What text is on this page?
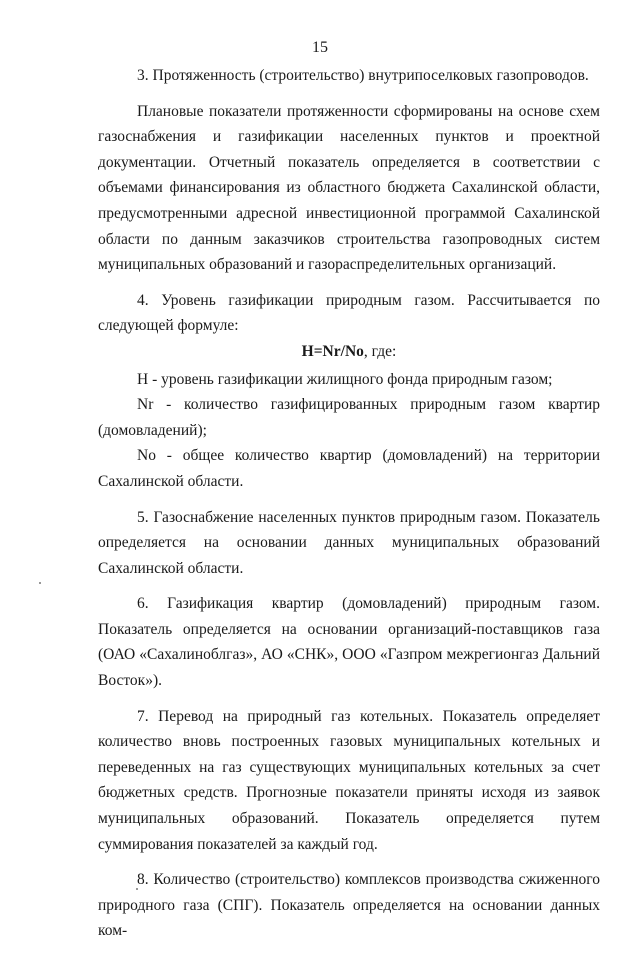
15

3. Протяженность (строительство) внутрипоселковых газопроводов.

Плановые показатели протяженности сформированы на основе схем газоснабжения и газификации населенных пунктов и проектной документации. Отчетный показатель определяется в соответствии с объемами финансирования из областного бюджета Сахалинской области, предусмотренными адресной инвестиционной программой Сахалинской области по данным заказчиков строительства газопроводных систем муниципальных образований и газораспределительных организаций.

4. Уровень газификации природным газом. Рассчитывается по следующей формуле:

Н=Nr/No, где:

Н - уровень газификации жилищного фонда природным газом;

Nr - количество газифицированных природным газом квартир (домовладений);

No - общее количество квартир (домовладений) на территории Сахалинской области.

5. Газоснабжение населенных пунктов природным газом. Показатель определяется на основании данных муниципальных образований Сахалинской области.

6. Газификация квартир (домовладений) природным газом. Показатель определяется на основании организаций-поставщиков газа (ОАО «Сахалиноблгаз», АО «СНК», ООО «Газпром межрегионгаз Дальний Восток»).

7. Перевод на природный газ котельных. Показатель определяет количество вновь построенных газовых муниципальных котельных и переведенных на газ существующих муниципальных котельных за счет бюджетных средств. Прогнозные показатели приняты исходя из заявок муниципальных образований. Показатель определяется путем суммирования показателей за каждый год.

8. Количество (строительство) комплексов производства сжиженного природного газа (СПГ). Показатель определяется на основании данных ком-
